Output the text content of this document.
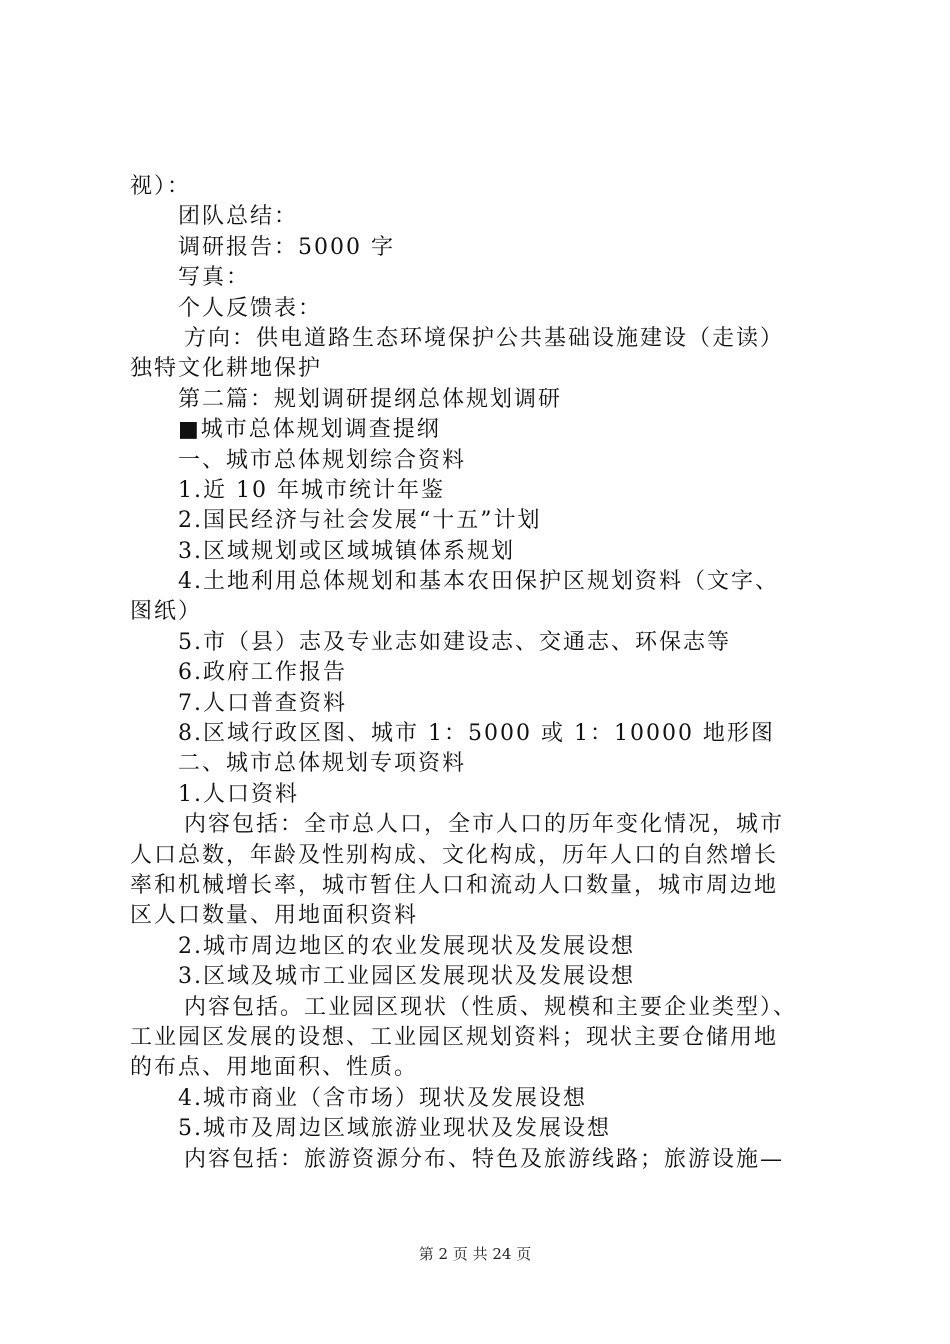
视）：
团队总结：
调研报告：5000 字
写真：
个人反馈表：
方向：供电道路生态环境保护公共基础设施建设（走读）
独特文化耕地保护
第二篇：规划调研提纲总体规划调研
■城市总体规划调查提纲
一、城市总体规划综合资料
1.近 10 年城市统计年鉴
2.国民经济与社会发展“十五”计划
3.区域规划或区域城镇体系规划
4.土地利用总体规划和基本农田保护区规划资料（文字、
图纸）
5.市（县）志及专业志如建设志、交通志、环保志等
6.政府工作报告
7.人口普查资料
8.区域行政区图、城市 1：5000 或 1：10000 地形图
二、城市总体规划专项资料
1.人口资料
内容包括：全市总人口，全市人口的历年变化情况，城市
人口总数，年龄及性别构成、文化构成，历年人口的自然增长
率和机械增长率，城市暂住人口和流动人口数量，城市周边地
区人口数量、用地面积资料
2.城市周边地区的农业发展现状及发展设想
3.区域及城市工业园区发展现状及发展设想
内容包括。工业园区现状（性质、规模和主要企业类型）、
工业园区发展的设想、工业园区规划资料；现状主要仓储用地
的布点、用地面积、性质。
4.城市商业（含市场）现状及发展设想
5.城市及周边区域旅游业现状及发展设想
内容包括：旅游资源分布、特色及旅游线路；旅游设施—
第 2 页 共 24 页
